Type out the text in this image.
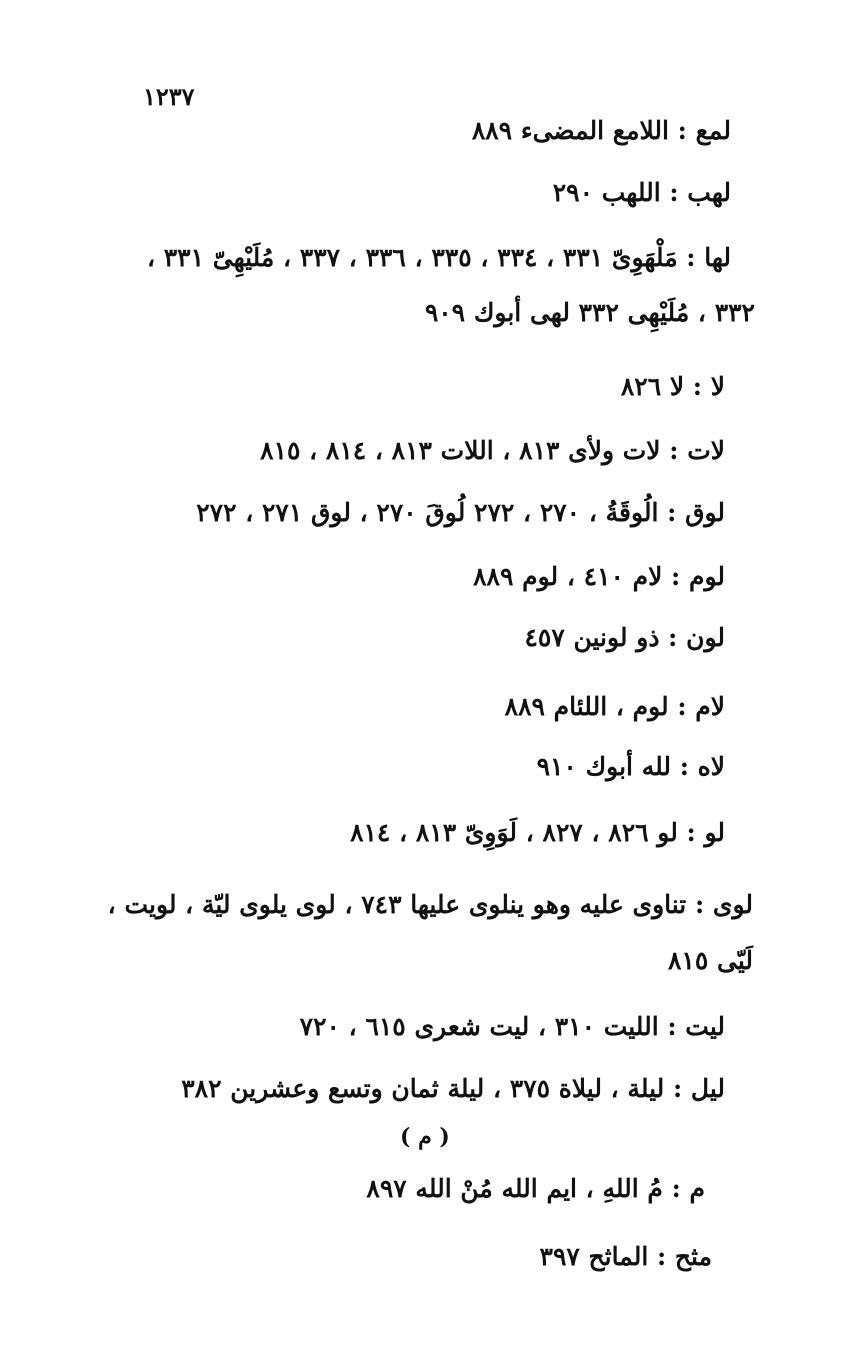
١٢٣٧
لمع : اللامع المضىء ٨٨٩
لهب : اللهب ٢٩٠
لها : مَلْهَوِىّ ٣٣١ ، ٣٣٤ ، ٣٣٥ ، ٣٣٦ ، ٣٣٧ ، مُلَيْهِىّ ٣٣١ ،
٣٣٢ ، مُلَيْهِى ٣٣٢ لهى أبوك ٩٠٩
لا : لا ٨٢٦
لات : لات ولأى ٨١٣ ، اللات ٨١٣ ، ٨١٤ ، ٨١٥
لوق : الُوقَةُ ، ٢٧٠ ، ٢٧٢ لُوقَ ٢٧٠ ، لوق ٢٧١ ، ٢٧٢
لوم : لام ٤١٠ ، لوم ٨٨٩
لون : ذو لونين ٤٥٧
لام : لوم ، اللئام ٨٨٩
لاه : لله أبوك ٩١٠
لو : لو ٨٢٦ ، ٨٢٧ ، لَوَوِىّ ٨١٣ ، ٨١٤
لوى : تناوى عليه وهو ينلوى عليها ٧٤٣ ، لوى يلوى ليّة ، لويت ،
لَيّى ٨١٥
ليت : الليت ٣١٠ ، ليت شعرى ٦١٥ ، ٧٢٠
ليل : ليلة ، ليلاة ٣٧٥ ، ليلة ثمان وتسع وعشرين ٣٨٢
( م )
م : مُ اللهِ ، ايم الله مُنْ الله ٨٩٧
مثح : الماثح ٣٩٧
